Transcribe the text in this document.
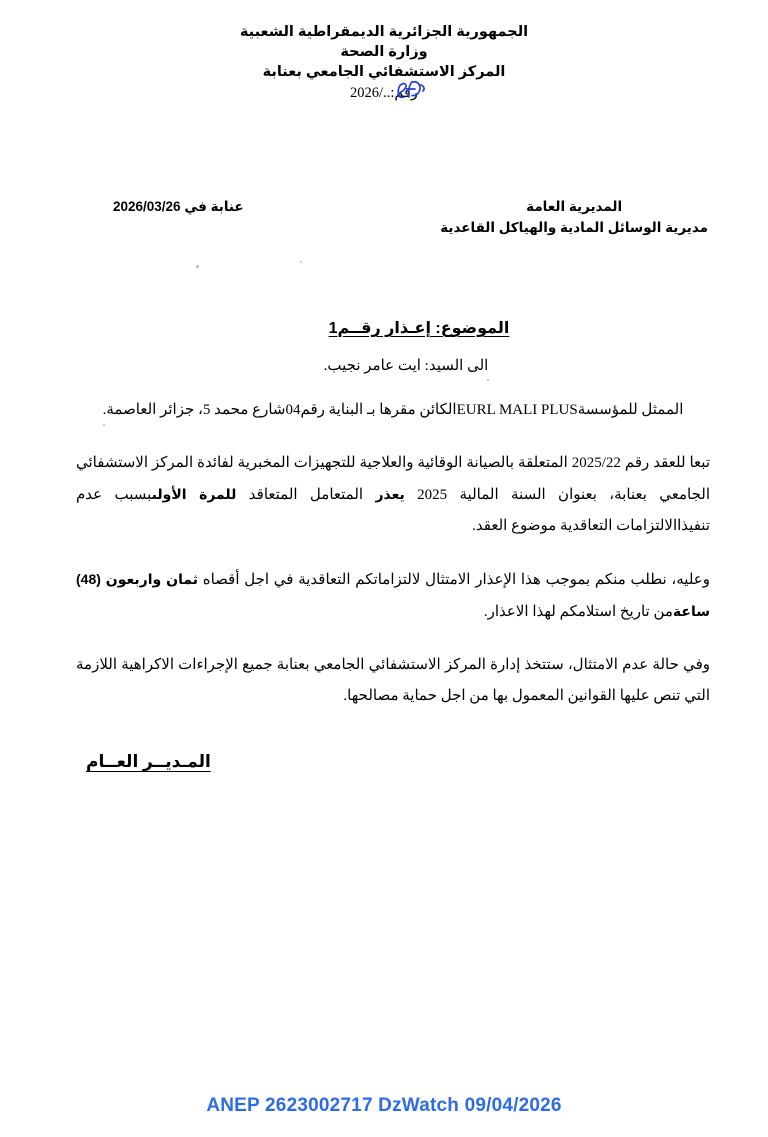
الجمهورية الجزائرية الديمقراطية الشعبية
وزارة الصحة
المركز الاستشفائي الجامعي بعنابة
رقم:../2026
المديرية العامة
مديرية الوسائل المادية والهياكل القاعدية
عنابة في 2026/03/26
الموضوع: إعـذار رقــم1
الى السيد: ايت عامر نجيب.

الممثل للمؤسسةEURL MALI PLUSالكائن مقرها بـ البناية رقم04شارع محمد 5، جزائر العاصمة.

تبعا للعقد رقم 2025/22 المتعلقة بالصيانة الوقائية والعلاجية للتجهيزات المخبرية لفائدة المركز الاستشفائي الجامعي بعنابة، بعنوان السنة المالية 2025 يعذر المتعامل المتعاقد للمرة الأولىبسبب عدم تنفيذاالالتزامات التعاقدية موضوع العقد.

وعليه، نطلب منكم بموجب هذا الإعذار الامتثال لالتزاماتكم التعاقدية في اجل أقصاه ثمان واربعون (48) ساعةمن تاريخ استلامكم لهذا الاعذار.

وفي حالة عدم الامتثال، ستتخذ إدارة المركز الاستشفائي الجامعي بعنابة جميع الإجراءات الاكراهية اللازمة التي تنص عليها القوانين المعمول بها من اجل حماية مصالحها.

المـديــر العــام
ANEP 2623002717 DzWatch 09/04/2026
